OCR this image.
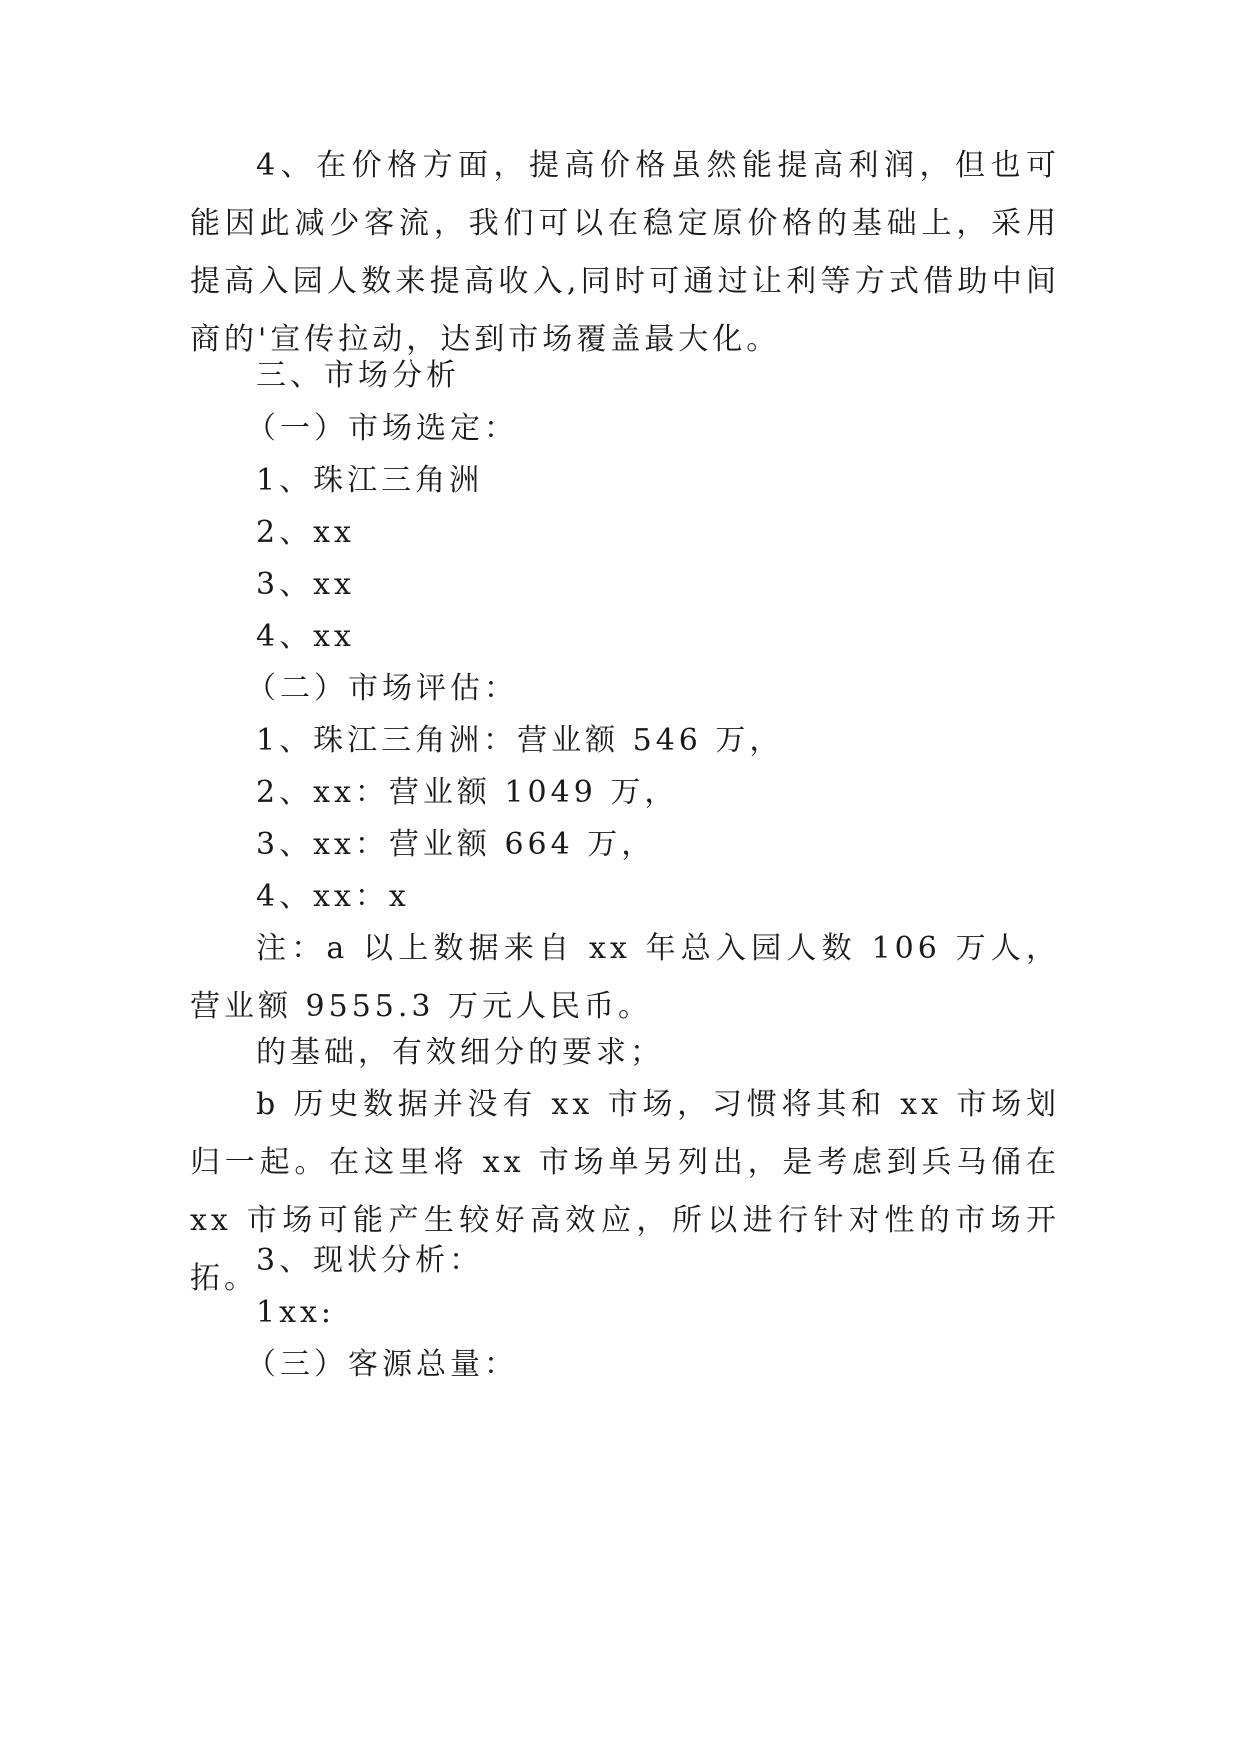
4、在价格方面，提高价格虽然能提高利润，但也可能因此减少客流，我们可以在稳定原价格的基础上，采用提高入园人数来提高收入,同时可通过让利等方式借助中间商的'宣传拉动，达到市场覆盖最大化。

三、市场分析

（一）市场选定：

1、珠江三角洲

2、xx

3、xx

4、xx

（二）市场评估：

1、珠江三角洲：营业额 546 万，

2、xx：营业额 1049 万，

3、xx：营业额 664 万，

4、xx：x

注：a 以上数据来自 xx 年总入园人数 106 万人，营业额 9555.3 万元人民币。

的基础，有效细分的要求；

b 历史数据并没有 xx 市场，习惯将其和 xx 市场划归一起。在这里将 xx 市场单另列出，是考虑到兵马俑在 xx 市场可能产生较好高效应，所以进行针对性的市场开拓。

3、现状分析：

1xx:

（三）客源总量：
